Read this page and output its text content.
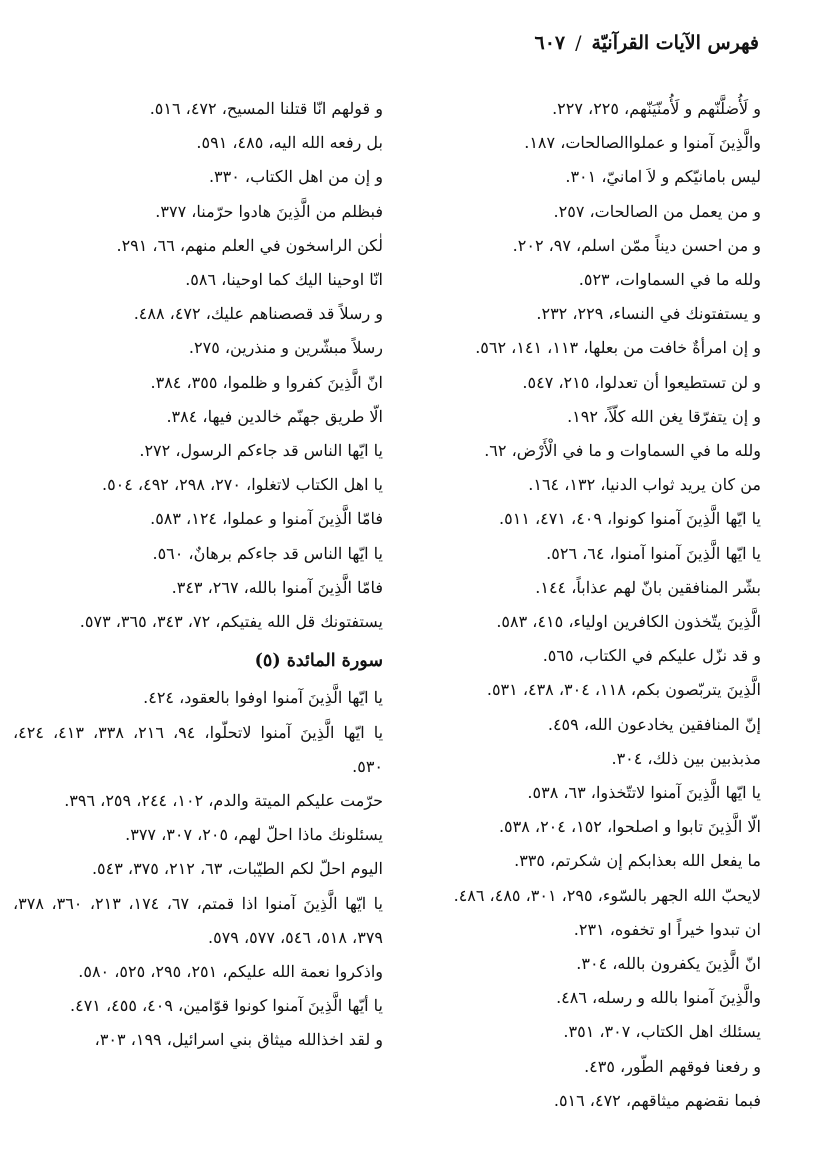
فهرس الآيات القرآنيّة/٦٠٧
و لَأُضلَّنّهم و لَأُمنّيَنّهم، ٢٢٥، ٢٢٧.
والَّذِينَ آمنوا و عملواالصالحات، ١٨٧.
ليس بامانيّكم و لاَ امانيّ، ٣٠١.
و من يعمل من الصالحات، ٢٥٧.
و من احسن ديناً ممّن اسلم، ٩٧، ٢٠٢.
ولله ما في السماوات، ٥٢٣.
و يستفتونك في النساء، ٢٢٩، ٢٣٢.
و إن امرأةٌ خافت من بعلها، ١١٣، ١٤١، ٥٦٢.
و لن تستطيعوا أن تعدلوا، ٢١٥، ٥٤٧.
و إن يتفرّقا يغن الله كلّاً، ١٩٢.
ولله ما في السماوات و ما في الْأَرْض، ٦٢.
من كان يريد ثواب الدنيا، ١٣٢، ١٦٤.
يا ايّها الَّذِينَ آمنوا كونوا، ٤٠٩، ٤٧١، ٥١١.
يا ايّها الَّذِينَ آمنوا آمنوا، ٦٤، ٥٢٦.
بشّر المنافقين بانّ لهم عذاباً، ١٤٤.
الَّذِينَ يتّخذون الكافرين اولياء، ٤١٥، ٥٨٣.
و قد نزّل عليكم في الكتاب، ٥٦٥.
الَّذِينَ يتربّصون بكم، ١١٨، ٣٠٤، ٤٣٨، ٥٣١.
إنّ المنافقين يخادعون الله، ٤٥٩.
مذبذبين بين ذلك، ٣٠٤.
يا ايّها الَّذِينَ آمنوا لاتتّخذوا، ٦٣، ٥٣٨.
الّا الَّذِينَ تابوا و اصلحوا، ١٥٢، ٢٠٤، ٥٣٨.
ما يفعل الله بعذابكم إن شكرتم، ٣٣٥.
لايحبّ الله الجهر بالسّوء، ٢٩٥، ٣٠١، ٤٨٥، ٤٨٦.
ان تبدوا خيراً او تخفوه، ٢٣١.
انّ الَّذِينَ يكفرون بالله، ٣٠٤.
والَّذِينَ آمنوا بالله و رسله، ٤٨٦.
يسئلك اهل الكتاب، ٣٠٧، ٣٥١.
و رفعنا فوقهم الطّور، ٤٣٥.
فبما نقضهم ميثاقهم، ٤٧٢، ٥١٦.
و قولهم انّا قتلنا المسيح، ٤٧٢، ٥١٦.
بل رفعه الله اليه، ٤٨٥، ٥٩١.
و إن من اهل الكتاب، ٣٣٠.
فبظلم من الَّذِينَ هادوا حرّمنا، ٣٧٧.
لٰكن الراسخون في العلم منهم، ٦٦، ٢٩١.
انّا اوحينا اليك كما اوحينا، ٥٨٦.
و رسلاً قد قصصناهم عليك، ٤٧٢، ٤٨٨.
رسلاً مبشّرين و منذرين، ٢٧٥.
انّ الَّذِينَ كفروا و ظلموا، ٣٥٥، ٣٨٤.
الّا طريق جهنّم خالدين فيها، ٣٨٤.
يا ايّها الناس قد جاءكم الرسول، ٢٧٢.
يا اهل الكتاب لاتغلوا، ٢٧٠، ٢٩٨، ٤٩٢، ٥٠٤.
فامّا الَّذِينَ آمنوا و عملوا، ١٢٤، ٥٨٣.
يا ايّها الناس قد جاءكم برهانٌ، ٥٦٠.
فامّا الَّذِينَ آمنوا بالله، ٢٦٧، ٣٤٣.
يستفتونك قل الله يفتيكم، ٧٢، ٣٤٣، ٣٦٥، ٥٧٣.
سورة المائدة (٥)
يا ايّها الَّذِينَ آمنوا اوفوا بالعقود، ٤٢٤.
يا ايّها الَّذِينَ آمنوا لاتحلّوا، ٩٤، ٢١٦، ٣٣٨، ٤١٣، ٤٢٤، ٥٣٠.
حرّمت عليكم الميتة والدم، ١٠٢، ٢٤٤، ٢٥٩، ٣٩٦.
يسئلونك ماذا احلّ لهم، ٢٠٥، ٣٠٧، ٣٧٧.
اليوم احلّ لكم الطيّبات، ٦٣، ٢١٢، ٣٧٥، ٥٤٣.
يا ايّها الَّذِينَ آمنوا اذا قمتم، ٦٧، ١٧٤، ٢١٣، ٣٦٠، ٣٧٨، ٣٧٩، ٥١٨، ٥٤٦، ٥٧٧، ٥٧٩.
واذكروا نعمة الله عليكم، ٢٥١، ٢٩٥، ٥٢٥، ٥٨٠.
يا أيّها الَّذِينَ آمنوا كونوا قوّامين، ٤٠٩، ٤٥٥، ٤٧١.
و لقد اخذالله ميثاق بني اسرائيل، ١٩٩، ٣٠٣،
